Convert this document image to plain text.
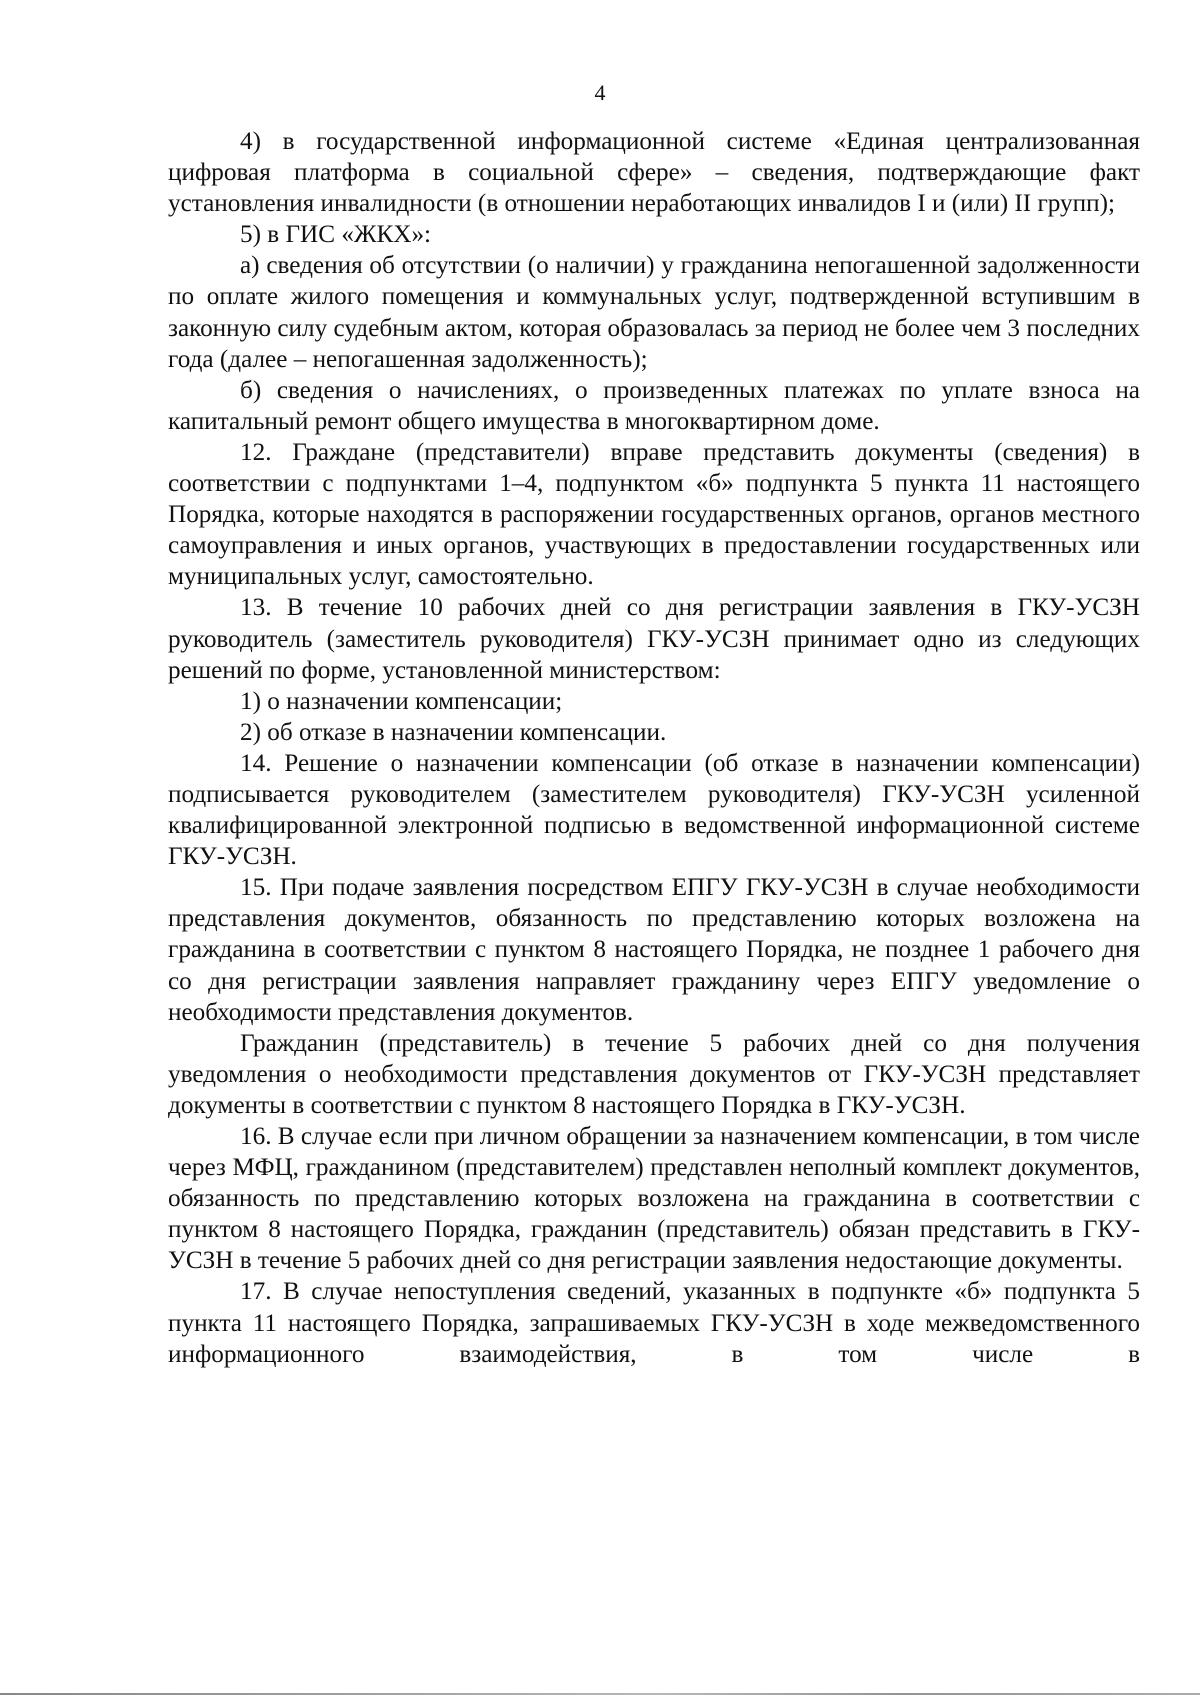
4

4) в государственной информационной системе «Единая централизованная цифровая платформа в социальной сфере» – сведения, подтверждающие факт установления инвалидности (в отношении неработающих инвалидов I и (или) II групп);

5) в ГИС «ЖКХ»:

а) сведения об отсутствии (о наличии) у гражданина непогашенной задолженности по оплате жилого помещения и коммунальных услуг, подтвержденной вступившим в законную силу судебным актом, которая образовалась за период не более чем 3 последних года (далее – непогашенная задолженность);

б) сведения о начислениях, о произведенных платежах по уплате взноса на капитальный ремонт общего имущества в многоквартирном доме.

12. Граждане (представители) вправе представить документы (сведения) в соответствии с подпунктами 1–4, подпунктом «б» подпункта 5 пункта 11 настоящего Порядка, которые находятся в распоряжении государственных органов, органов местного самоуправления и иных органов, участвующих в предоставлении государственных или муниципальных услуг, самостоятельно.

13. В течение 10 рабочих дней со дня регистрации заявления в ГКУ-УСЗН руководитель (заместитель руководителя) ГКУ-УСЗН принимает одно из следующих решений по форме, установленной министерством:

1) о назначении компенсации;

2) об отказе в назначении компенсации.

14. Решение о назначении компенсации (об отказе в назначении компенсации) подписывается руководителем (заместителем руководителя) ГКУ-УСЗН усиленной квалифицированной электронной подписью в ведомственной информационной системе ГКУ-УСЗН.

15. При подаче заявления посредством ЕПГУ ГКУ-УСЗН в случае необходимости представления документов, обязанность по представлению которых возложена на гражданина в соответствии с пунктом 8 настоящего Порядка, не позднее 1 рабочего дня со дня регистрации заявления направляет гражданину через ЕПГУ уведомление о необходимости представления документов.

Гражданин (представитель) в течение 5 рабочих дней со дня получения уведомления о необходимости представления документов от ГКУ-УСЗН представляет документы в соответствии с пунктом 8 настоящего Порядка в ГКУ-УСЗН.

16. В случае если при личном обращении за назначением компенсации, в том числе через МФЦ, гражданином (представителем) представлен неполный комплект документов, обязанность по представлению которых возложена на гражданина в соответствии с пунктом 8 настоящего Порядка, гражданин (представитель) обязан представить в ГКУ-УСЗН в течение 5 рабочих дней со дня регистрации заявления недостающие документы.

17. В случае непоступления сведений, указанных в подпункте «б» подпункта 5 пункта 11 настоящего Порядка, запрашиваемых ГКУ-УСЗН в ходе межведомственного информационного взаимодействия, в том числе в
